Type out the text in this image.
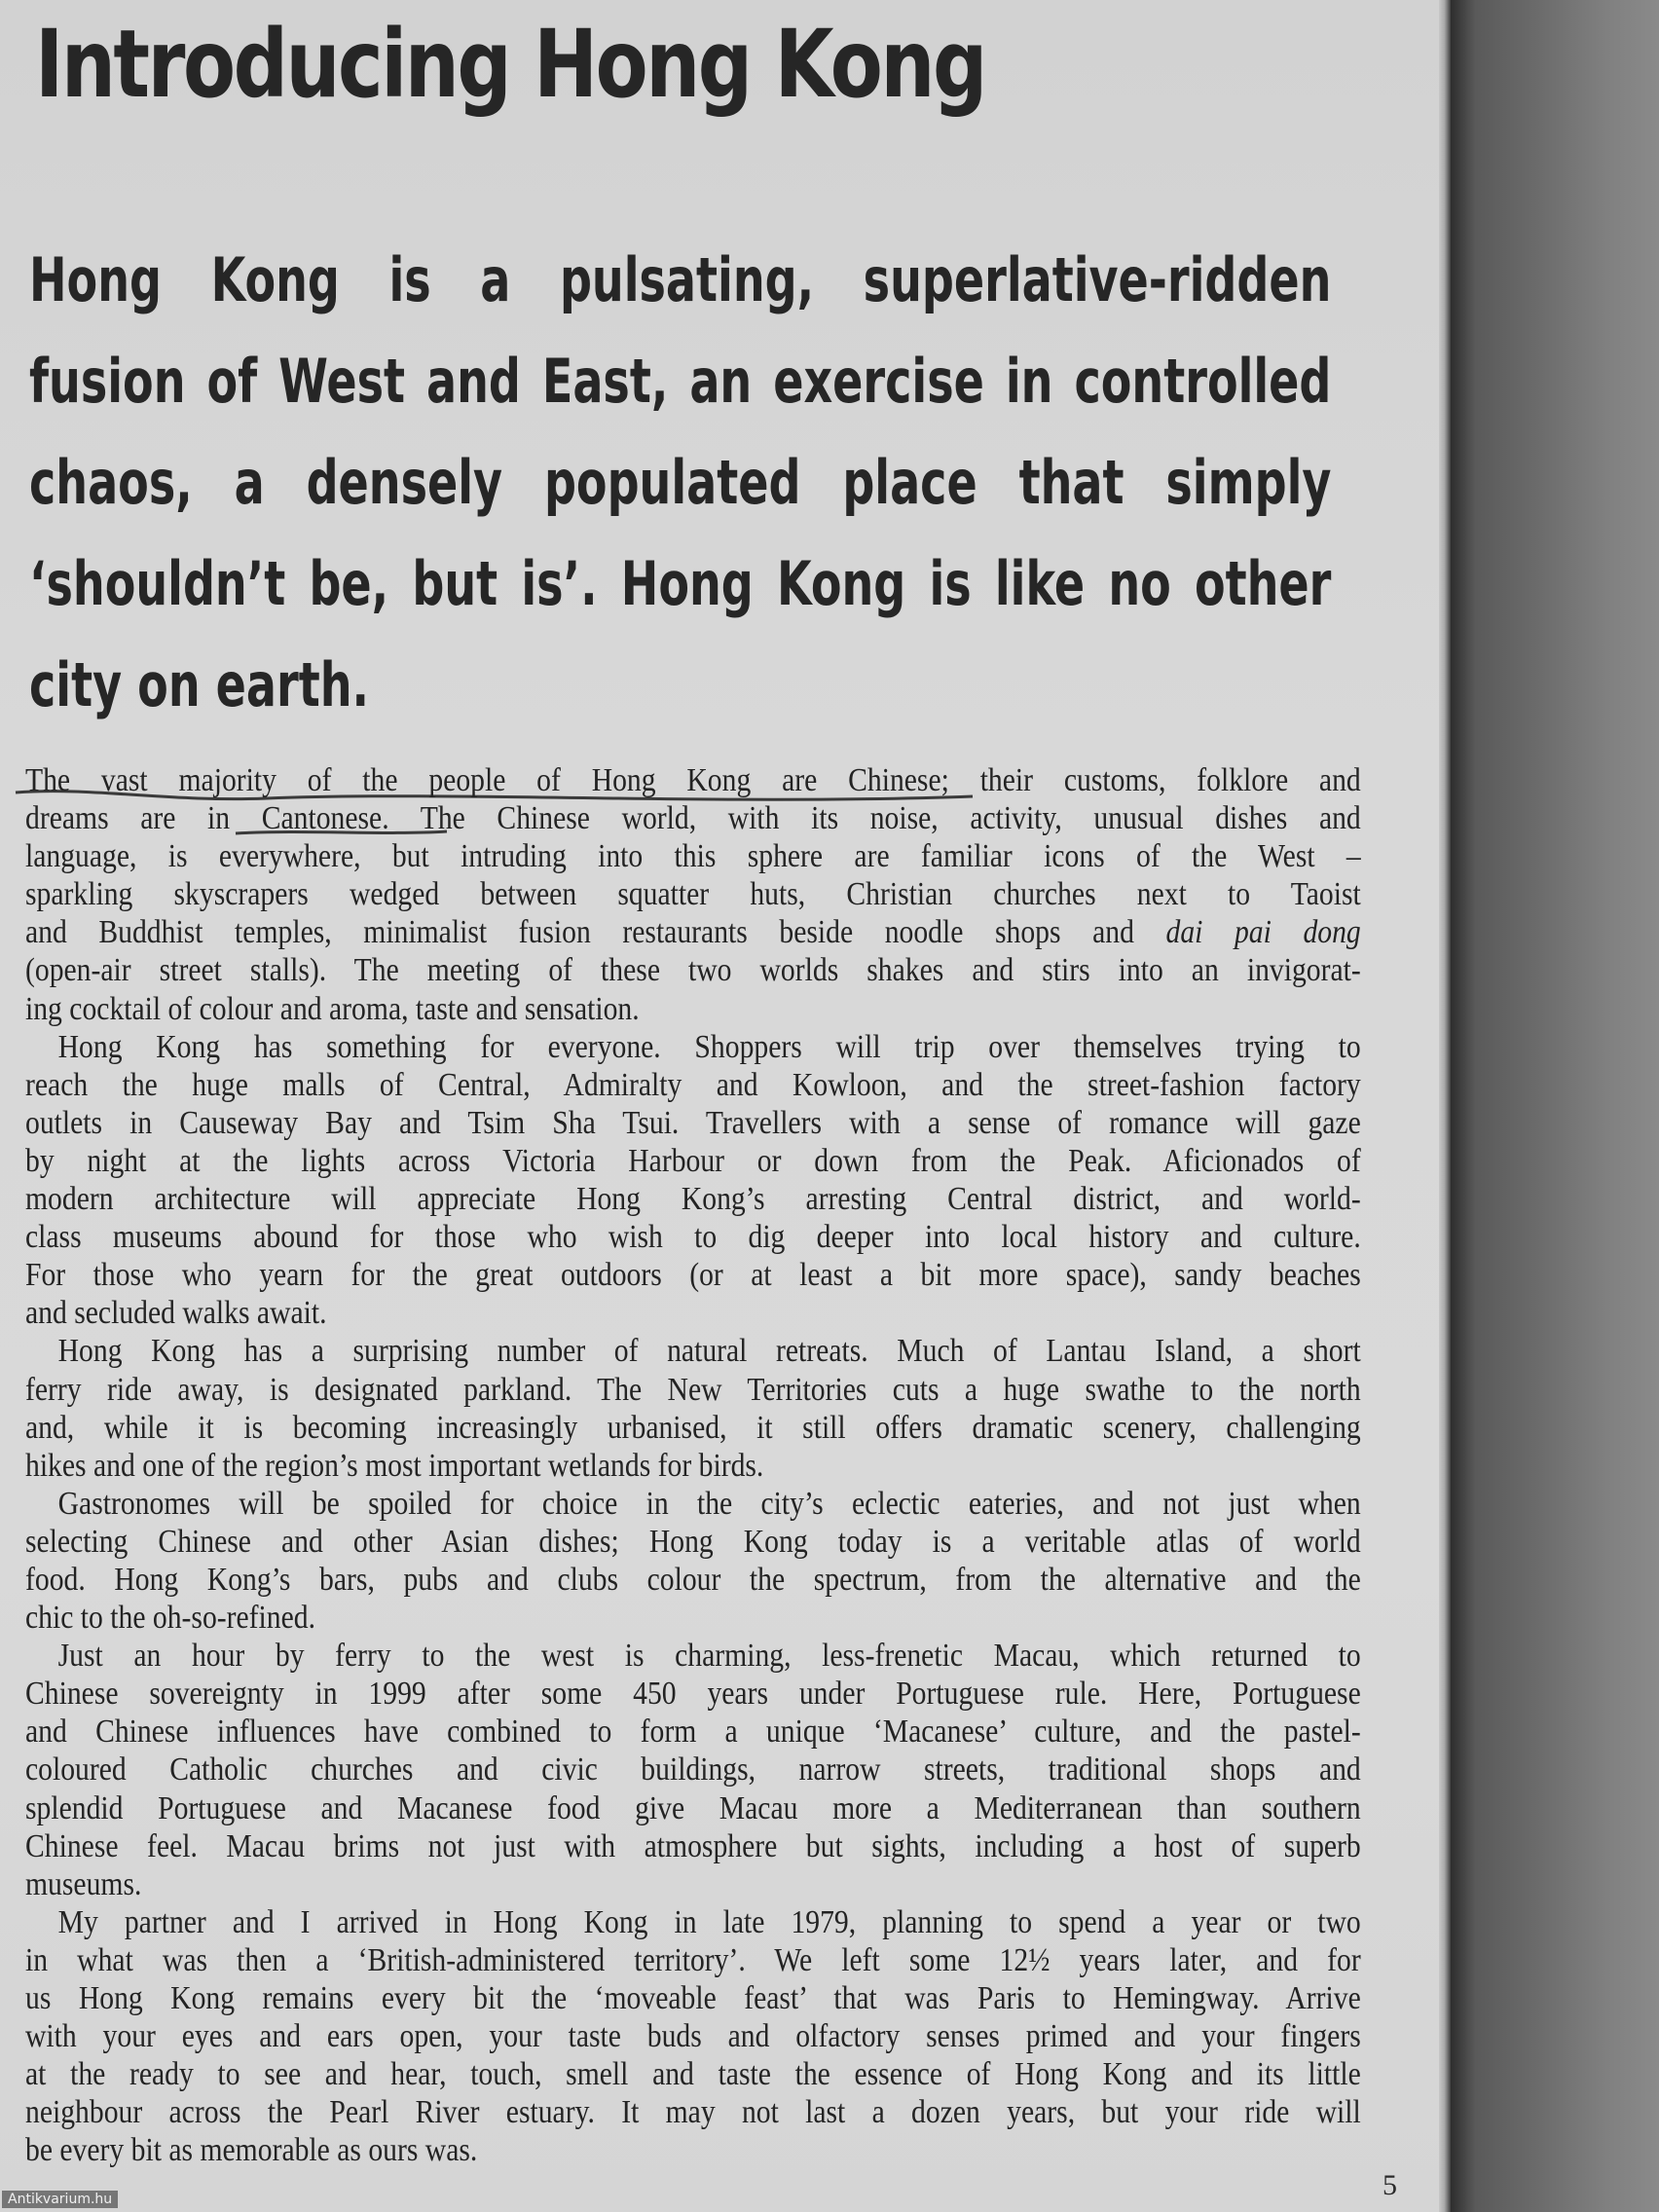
Introducing Hong Kong

Hong Kong is a pulsating, superlative-ridden
fusion of West and East, an exercise in controlled
chaos, a densely populated place that simply
‘shouldn’t be, but is’. Hong Kong is like no other
city on earth.

The vast majority of the people of Hong Kong are Chinese; their customs, folklore and
dreams are in Cantonese. The Chinese world, with its noise, activity, unusual dishes and
language, is everywhere, but intruding into this sphere are familiar icons of the West –
sparkling skyscrapers wedged between squatter huts, Christian churches next to Taoist
and Buddhist temples, minimalist fusion restaurants beside noodle shops and dai pai dong
(open-air street stalls). The meeting of these two worlds shakes and stirs into an invigorat-
ing cocktail of colour and aroma, taste and sensation.
Hong Kong has something for everyone. Shoppers will trip over themselves trying to
reach the huge malls of Central, Admiralty and Kowloon, and the street-fashion factory
outlets in Causeway Bay and Tsim Sha Tsui. Travellers with a sense of romance will gaze
by night at the lights across Victoria Harbour or down from the Peak. Aficionados of
modern architecture will appreciate Hong Kong’s arresting Central district, and world-
class museums abound for those who wish to dig deeper into local history and culture.
For those who yearn for the great outdoors (or at least a bit more space), sandy beaches
and secluded walks await.
Hong Kong has a surprising number of natural retreats. Much of Lantau Island, a short
ferry ride away, is designated parkland. The New Territories cuts a huge swathe to the north
and, while it is becoming increasingly urbanised, it still offers dramatic scenery, challenging
hikes and one of the region’s most important wetlands for birds.
Gastronomes will be spoiled for choice in the city’s eclectic eateries, and not just when
selecting Chinese and other Asian dishes; Hong Kong today is a veritable atlas of world
food. Hong Kong’s bars, pubs and clubs colour the spectrum, from the alternative and the
chic to the oh-so-refined.
Just an hour by ferry to the west is charming, less-frenetic Macau, which returned to
Chinese sovereignty in 1999 after some 450 years under Portuguese rule. Here, Portuguese
and Chinese influences have combined to form a unique ‘Macanese’ culture, and the pastel-
coloured Catholic churches and civic buildings, narrow streets, traditional shops and
splendid Portuguese and Macanese food give Macau more a Mediterranean than southern
Chinese feel. Macau brims not just with atmosphere but sights, including a host of superb
museums.
My partner and I arrived in Hong Kong in late 1979, planning to spend a year or two
in what was then a ‘British-administered territory’. We left some 12½ years later, and for
us Hong Kong remains every bit the ‘moveable feast’ that was Paris to Hemingway. Arrive
with your eyes and ears open, your taste buds and olfactory senses primed and your fingers
at the ready to see and hear, touch, smell and taste the essence of Hong Kong and its little
neighbour across the Pearl River estuary. It may not last a dozen years, but your ride will
be every bit as memorable as ours was.
5
Antikvarium.hu
